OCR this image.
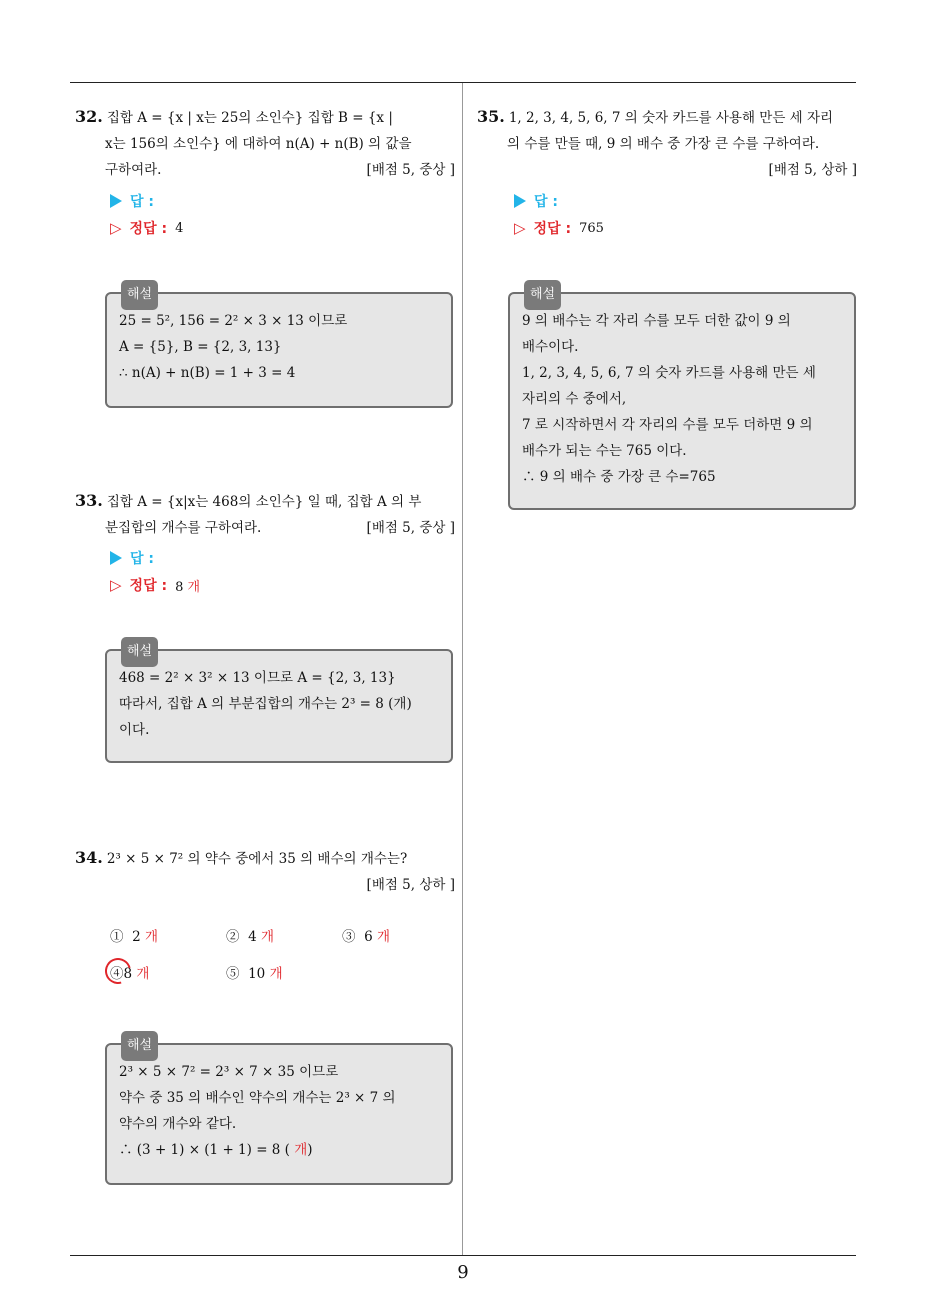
9
32. 집합 A = {x | x는 25의 소인수} 집합 B = {x |
x는 156의 소인수} 에 대하여 n(A) + n(B) 의 값을
구하여라.	[배점 5, 중상 ]
답 :
▷ 정답 : 4
해설
25 = 5², 156 = 2² × 3 × 13 이므로
A = {5}, B = {2, 3, 13}
∴ n(A) + n(B) = 1 + 3 = 4
33. 집합 A = {x|x는 468의 소인수} 일 때, 집합 A 의 부
분집합의 개수를 구하여라.	[배점 5, 중상 ]
답 :
▷ 정답 : 8 개
해설
468 = 2² × 3² × 13 이므로 A = {2, 3, 13}
따라서, 집합 A 의 부분집합의 개수는 2³ = 8 (개)
이다.
34. 2³ × 5 × 7² 의 약수 중에서 35 의 배수의 개수는?
[배점 5, 상하 ]
① 2 개	② 4 개	③ 6 개
④8 개	⑤ 10 개
해설
2³ × 5 × 7² = 2³ × 7 × 35 이므로
약수 중 35 의 배수인 약수의 개수는 2³ × 7 의
약수의 개수와 같다.
∴ (3 + 1) × (1 + 1) = 8 ( 개)
35. 1, 2, 3, 4, 5, 6, 7 의 숫자 카드를 사용해 만든 세 자리
의 수를 만들 때, 9 의 배수 중 가장 큰 수를 구하여라.
[배점 5, 상하 ]
답 :
▷ 정답 : 765
해설
9 의 배수는 각 자리 수를 모두 더한 값이 9 의
배수이다.
1, 2, 3, 4, 5, 6, 7 의 숫자 카드를 사용해 만든 세
자리의 수 중에서,
7 로 시작하면서 각 자리의 수를 모두 더하면 9 의
배수가 되는 수는 765 이다.
∴ 9 의 배수 중 가장 큰 수=765
